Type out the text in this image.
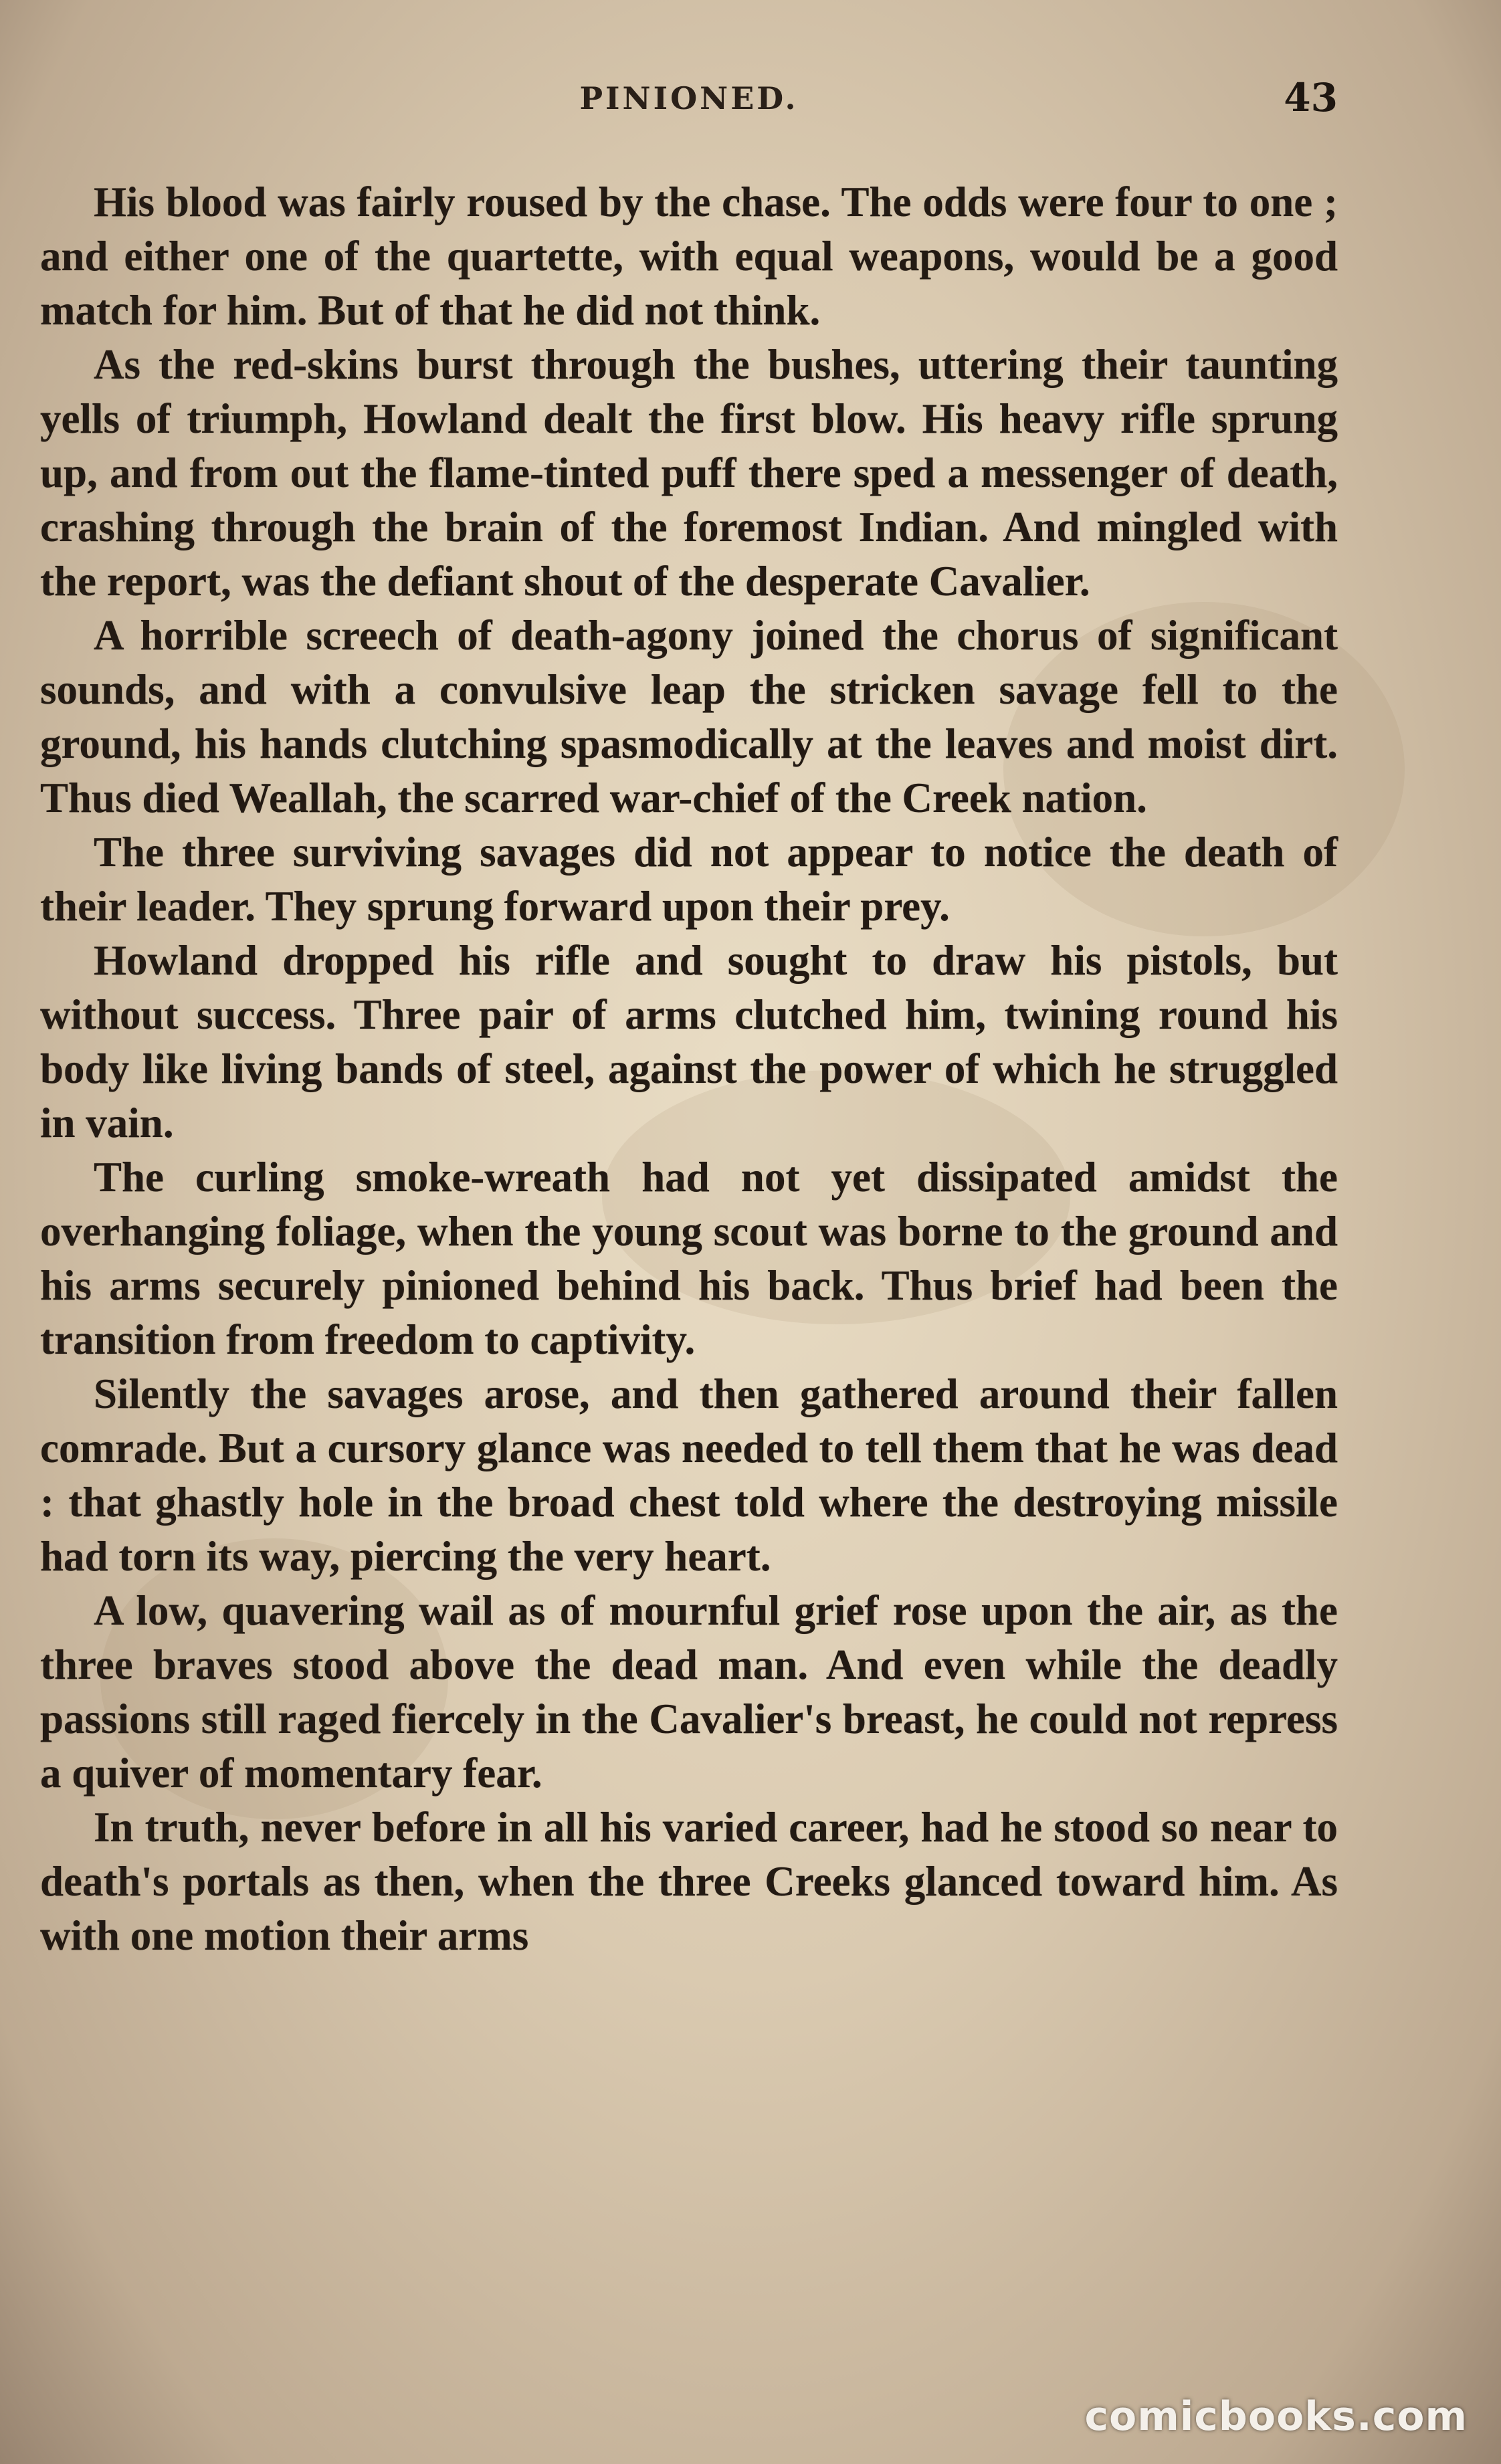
PINIONED.	43

His blood was fairly roused by the chase. The odds were four to one ; and either one of the quartette, with equal weapons, would be a good match for him. But of that he did not think.

As the red-skins burst through the bushes, uttering their taunting yells of triumph, Howland dealt the first blow. His heavy rifle sprung up, and from out the flame-tinted puff there sped a messenger of death, crashing through the brain of the foremost Indian. And mingled with the report, was the defiant shout of the desperate Cavalier.

A horrible screech of death-agony joined the chorus of significant sounds, and with a convulsive leap the stricken savage fell to the ground, his hands clutching spasmodically at the leaves and moist dirt. Thus died Weallah, the scarred war-chief of the Creek nation.

The three surviving savages did not appear to notice the death of their leader. They sprung forward upon their prey.

Howland dropped his rifle and sought to draw his pistols, but without success. Three pair of arms clutched him, twining round his body like living bands of steel, against the power of which he struggled in vain.

The curling smoke-wreath had not yet dissipated amidst the overhanging foliage, when the young scout was borne to the ground and his arms securely pinioned behind his back. Thus brief had been the transition from freedom to captivity.

Silently the savages arose, and then gathered around their fallen comrade. But a cursory glance was needed to tell them that he was dead : that ghastly hole in the broad chest told where the destroying missile had torn its way, piercing the very heart.

A low, quavering wail as of mournful grief rose upon the air, as the three braves stood above the dead man. And even while the deadly passions still raged fiercely in the Cavalier's breast, he could not repress a quiver of momentary fear.

In truth, never before in all his varied career, had he stood so near to death's portals as then, when the three Creeks glanced toward him. As with one motion their arms

comicbooks.com
